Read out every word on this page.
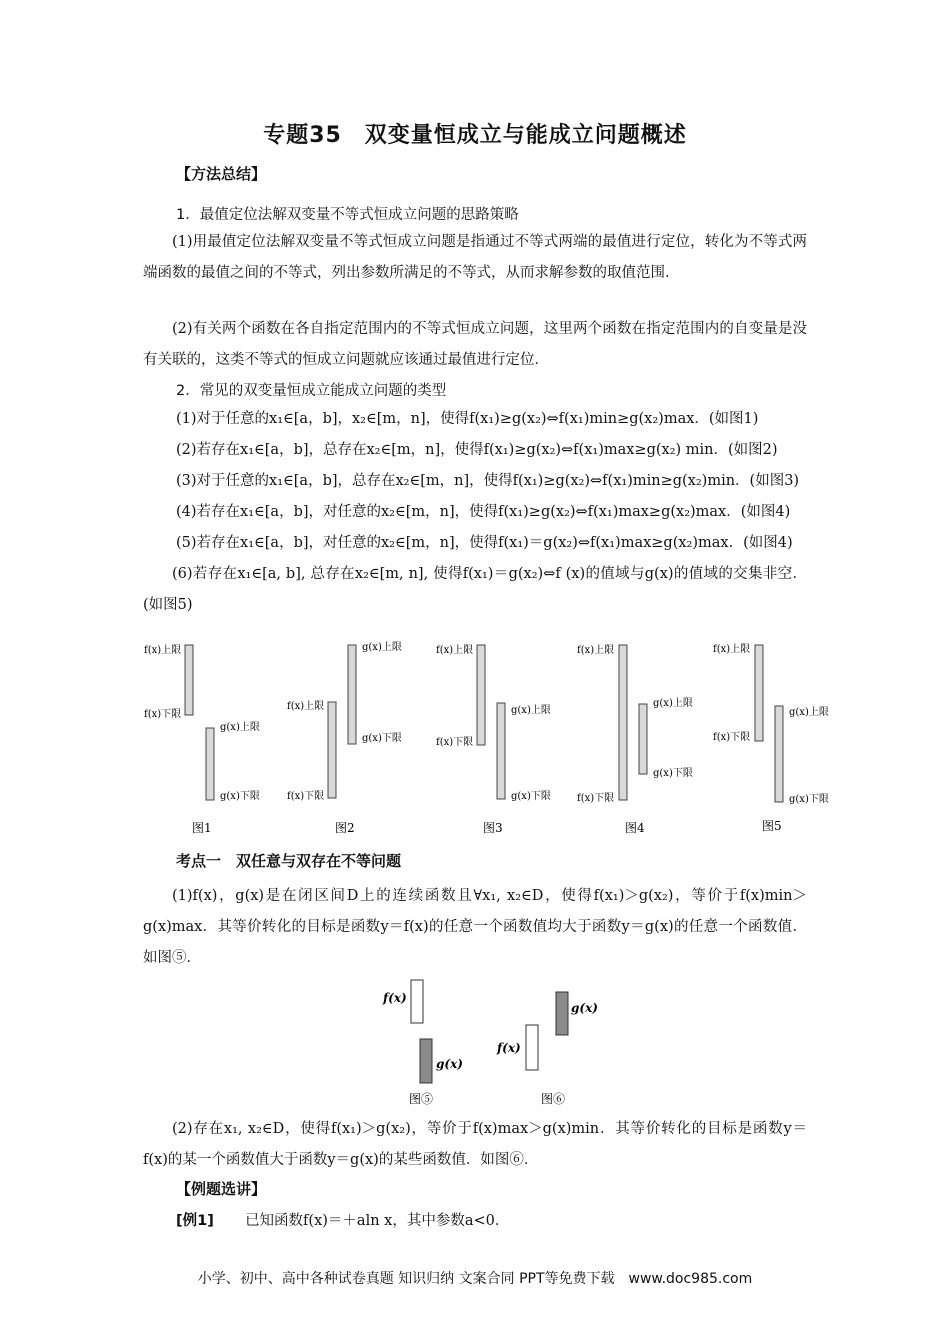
专题35　双变量恒成立与能成立问题概述
【方法总结】
1．最值定位法解双变量不等式恒成立问题的思路策略
(1)用最值定位法解双变量不等式恒成立问题是指通过不等式两端的最值进行定位，转化为不等式两端函数的最值之间的不等式，列出参数所满足的不等式，从而求解参数的取值范围．
(2)有关两个函数在各自指定范围内的不等式恒成立问题，这里两个函数在指定范围内的自变量是没有关联的，这类不等式的恒成立问题就应该通过最值进行定位．
2．常见的双变量恒成立能成立问题的类型
(1)对于任意的x₁∈[a，b]，x₂∈[m，n]，使得f(x₁)≥g(x₂)⇔f(x₁)min≥g(x₂)max．(如图1)
(2)若存在x₁∈[a，b]，总存在x₂∈[m，n]，使得f(x₁)≥g(x₂)⇔f(x₁)max≥g(x₂) min．(如图2)
(3)对于任意的x₁∈[a，b]，总存在x₂∈[m，n]，使得f(x₁)≥g(x₂)⇔f(x₁)min≥g(x₂)min．(如图3)
(4)若存在x₁∈[a，b]，对任意的x₂∈[m，n]，使得f(x₁)≥g(x₂)⇔f(x₁)max≥g(x₂)max．(如图4)
(5)若存在x₁∈[a，b]，对任意的x₂∈[m，n]，使得f(x₁)＝g(x₂)⇔f(x₁)max≥g(x₂)max．(如图4)
(6)若存在x₁∈[a, b], 总存在x₂∈[m, n], 使得f(x₁)＝g(x₂)⇔f (x)的值域与g(x)的值域的交集非空．(如图5)
f(x)上限
f(x)下限
g(x)上限
g(x)下限
图1
f(x)上限
f(x)下限
g(x)上限
g(x)下限
图2
f(x)上限
f(x)下限
g(x)上限
g(x)下限
图3
f(x)上限
f(x)下限
g(x)上限
g(x)下限
图4
f(x)上限
f(x)下限
g(x)上限
g(x)下限
图5
考点一　双任意与双存在不等问题
(1)f(x)，g(x)是在闭区间D上的连续函数且∀x₁, x₂∈D，使得f(x₁)＞g(x₂)，等价于f(x)min＞g(x)max．其等价转化的目标是函数y＝f(x)的任意一个函数值均大于函数y＝g(x)的任意一个函数值．如图⑤．
f(x)
g(x)
图⑤
f(x)
g(x)
图⑥
(2)存在x₁, x₂∈D，使得f(x₁)＞g(x₂)，等价于f(x)max＞g(x)min．其等价转化的目标是函数y＝f(x)的某一个函数值大于函数y＝g(x)的某些函数值．如图⑥．
【例题选讲】
[例1] 已知函数f(x)＝＋aln x，其中参数a<0．
小学、初中、高中各种试卷真题 知识归纳 文案合同 PPT等免费下载　www.doc985.com
